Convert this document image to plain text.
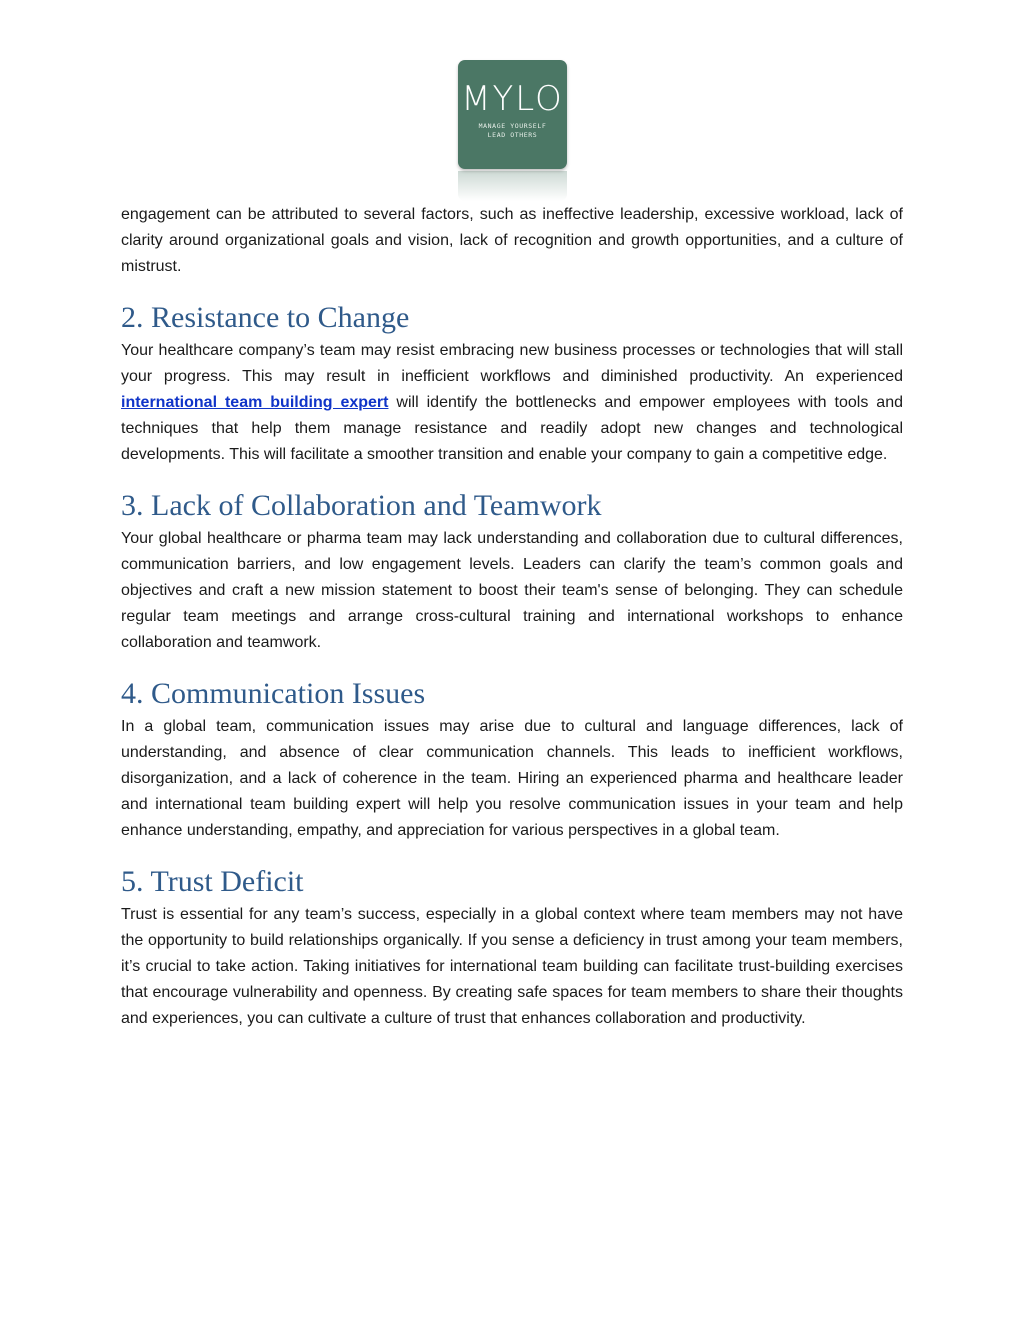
MYLO
MANAGE YOURSELF
LEAD OTHERS

engagement can be attributed to several factors, such as ineffective leadership, excessive workload, lack of clarity around organizational goals and vision, lack of recognition and growth opportunities, and a culture of mistrust.

2. Resistance to Change

Your healthcare company’s team may resist embracing new business processes or technologies that will stall your progress. This may result in inefficient workflows and diminished productivity. An experienced international team building expert will identify the bottlenecks and empower employees with tools and techniques that help them manage resistance and readily adopt new changes and technological developments. This will facilitate a smoother transition and enable your company to gain a competitive edge.

3. Lack of Collaboration and Teamwork

Your global healthcare or pharma team may lack understanding and collaboration due to cultural differences, communication barriers, and low engagement levels. Leaders can clarify the team’s common goals and objectives and craft a new mission statement to boost their team's sense of belonging. They can schedule regular team meetings and arrange cross-cultural training and international workshops to enhance collaboration and teamwork.

4. Communication Issues

In a global team, communication issues may arise due to cultural and language differences, lack of understanding, and absence of clear communication channels. This leads to inefficient workflows, disorganization, and a lack of coherence in the team. Hiring an experienced pharma and healthcare leader and international team building expert will help you resolve communication issues in your team and help enhance understanding, empathy, and appreciation for various perspectives in a global team.

5. Trust Deficit

Trust is essential for any team’s success, especially in a global context where team members may not have the opportunity to build relationships organically. If you sense a deficiency in trust among your team members, it’s crucial to take action. Taking initiatives for international team building can facilitate trust-building exercises that encourage vulnerability and openness. By creating safe spaces for team members to share their thoughts and experiences, you can cultivate a culture of trust that enhances collaboration and productivity.
